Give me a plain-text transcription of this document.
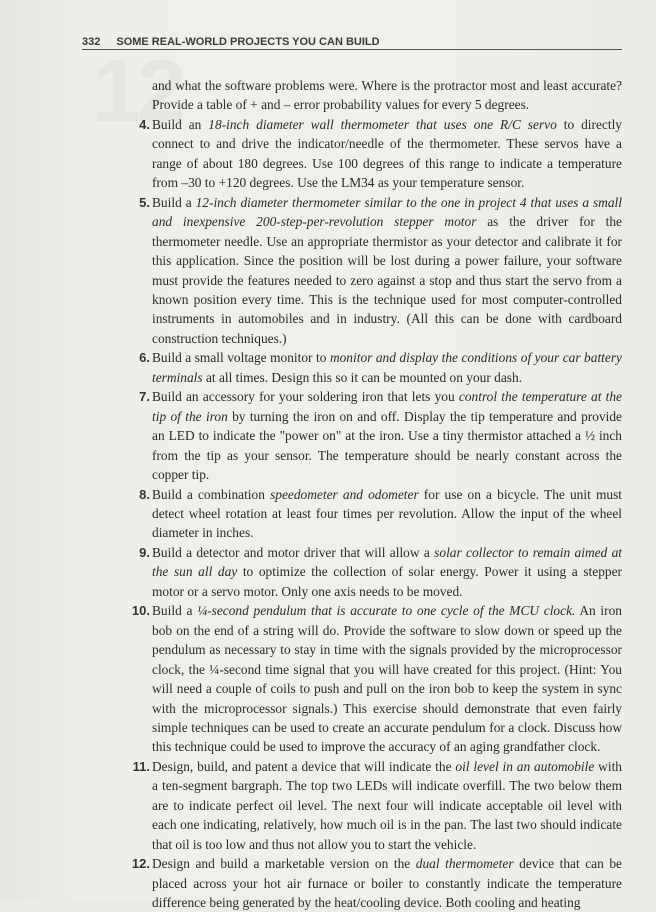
332 SOME REAL-WORLD PROJECTS YOU CAN BUILD

and what the software problems were. Where is the protractor most and least accurate? Provide a table of + and – error probability values for every 5 degrees.

4 . Build an 18-inch diameter wall thermometer that uses one R/C servo to directly connect to and drive the indicator/needle of the thermometer. These servos have a range of about 180 degrees. Use 100 degrees of this range to indicate a temperature from –30 to +120 degrees. Use the LM34 as your temperature sensor.
5 . Build a 12-inch diameter thermometer similar to the one in project 4 that uses a small and inexpensive 200-step-per-revolution stepper motor as the driver for the thermometer needle. Use an appropriate thermistor as your detector and calibrate it for this application. Since the position will be lost during a power failure, your software must provide the features needed to zero against a stop and thus start the servo from a known position every time. This is the technique used for most computer-controlled instruments in automobiles and in industry. (All this can be done with cardboard construction techniques.)
6 . Build a small voltage monitor to monitor and display the conditions of your car battery terminals at all times. Design this so it can be mounted on your dash.
7 . Build an accessory for your soldering iron that lets you control the temperature at the tip of the iron by turning the iron on and off. Display the tip temperature and provide an LED to indicate the "power on" at the iron. Use a tiny thermistor attached a ½ inch from the tip as your sensor. The temperature should be nearly constant across the copper tip.
8 . Build a combination speedometer and odometer for use on a bicycle. The unit must detect wheel rotation at least four times per revolution. Allow the input of the wheel diameter in inches.
9 . Build a detector and motor driver that will allow a solar collector to remain aimed at the sun all day to optimize the collection of solar energy. Power it using a stepper motor or a servo motor. Only one axis needs to be moved.
10 . Build a ¼-second pendulum that is accurate to one cycle of the MCU clock. An iron bob on the end of a string will do. Provide the software to slow down or speed up the pendulum as necessary to stay in time with the signals provided by the microprocessor clock, the ¼-second time signal that you will have created for this project. (Hint: You will need a couple of coils to push and pull on the iron bob to keep the system in sync with the microprocessor signals.) This exercise should demonstrate that even fairly simple techniques can be used to create an accurate pendulum for a clock. Discuss how this technique could be used to improve the accuracy of an aging grandfather clock.
11 . Design, build, and patent a device that will indicate the oil level in an automobile with a ten-segment bargraph. The top two LEDs will indicate overfill. The two below them are to indicate perfect oil level. The next four will indicate acceptable oil level with each one indicating, relatively, how much oil is in the pan. The last two should indicate that oil is too low and thus not allow you to start the vehicle.
12 . Design and build a marketable version on the dual thermometer device that can be placed across your hot air furnace or boiler to constantly indicate the temperature difference being generated by the heat/cooling device. Both cooling and heating
